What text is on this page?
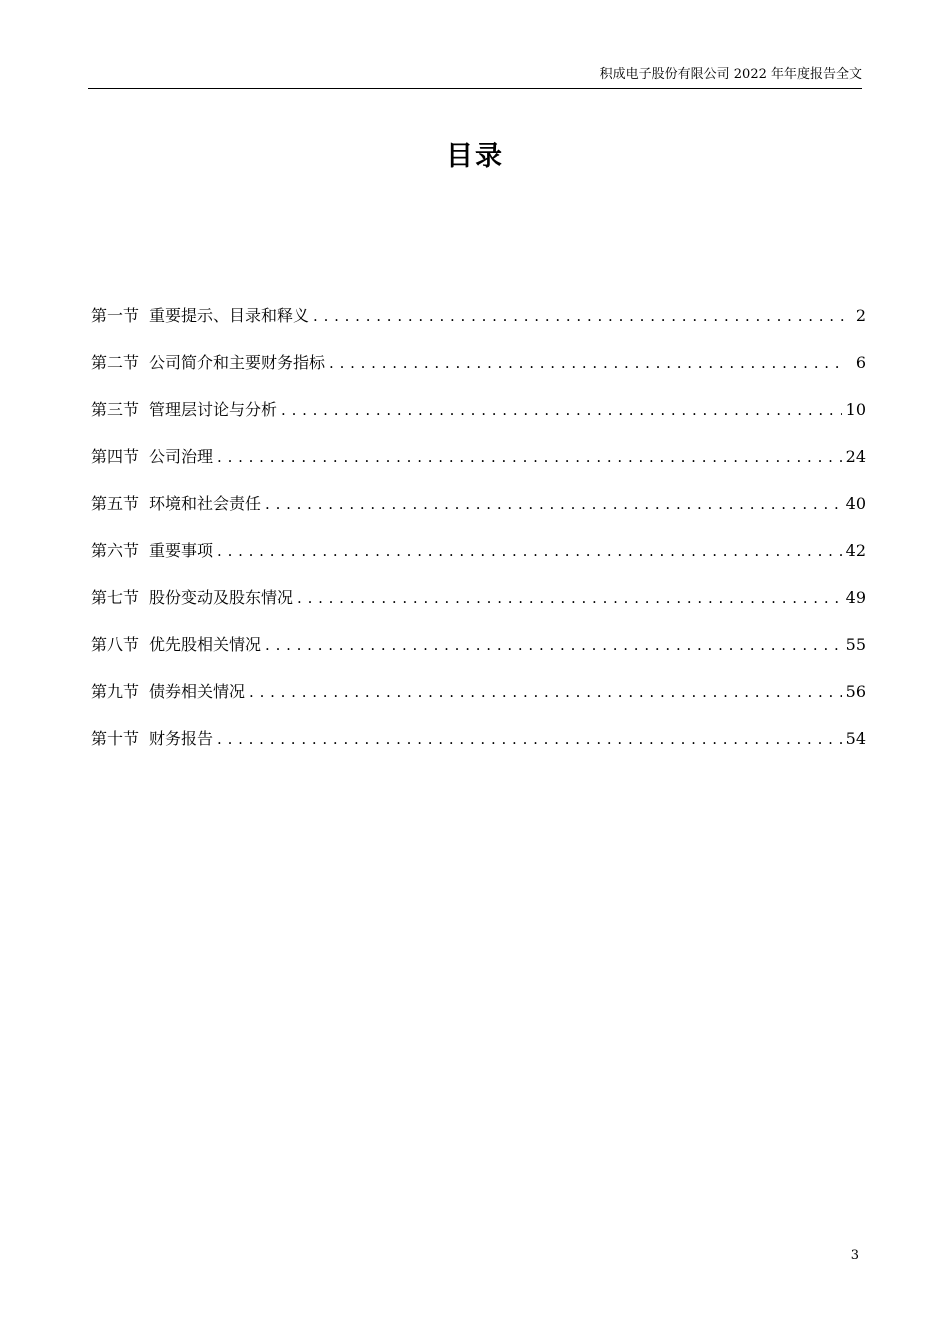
积成电子股份有限公司 2022 年年度报告全文
目录
第一节 重要提示、目录和释义 . . .	2
第二节 公司简介和主要财务指标 . . .	6
第三节 管理层讨论与分析 . . .	10
第四节 公司治理 . . .	24
第五节 环境和社会责任 . . .	40
第六节 重要事项 . . .	42
第七节 股份变动及股东情况 . . .	49
第八节 优先股相关情况 . . .	55
第九节 债券相关情况 . . .	56
第十节 财务报告 . . .	54
3
